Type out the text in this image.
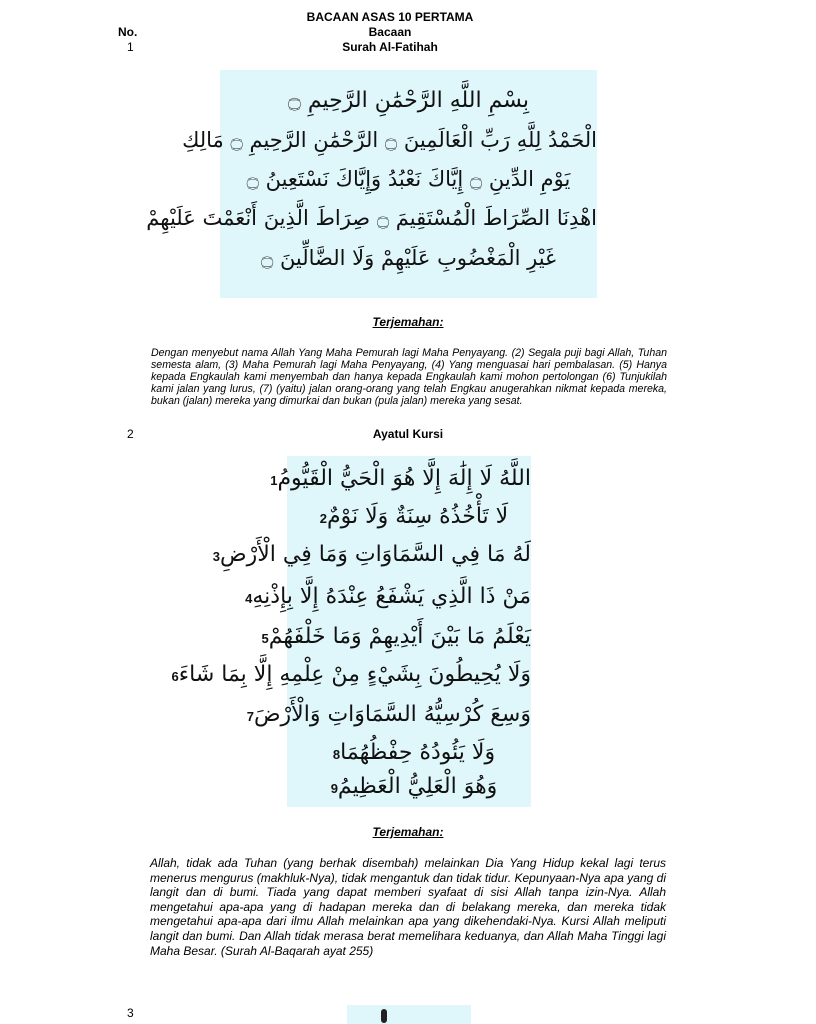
BACAAN ASAS 10 PERTAMA
No.	Bacaan
1	Surah Al-Fatihah
بِسْمِ اللَّهِ الرَّحْمَٰنِ الرَّحِيمِ ۝
الْحَمْدُ لِلَّهِ رَبِّ الْعَالَمِينَ ۝ الرَّحْمَٰنِ الرَّحِيمِ ۝ مَالِكِ
يَوْمِ الدِّينِ ۝ إِيَّاكَ نَعْبُدُ وَإِيَّاكَ نَسْتَعِينُ ۝
اهْدِنَا الصِّرَاطَ الْمُسْتَقِيمَ ۝ صِرَاطَ الَّذِينَ أَنْعَمْتَ عَلَيْهِمْ
غَيْرِ الْمَغْضُوبِ عَلَيْهِمْ وَلَا الضَّالِّينَ ۝
Terjemahan:
Dengan menyebut nama Allah Yang Maha Pemurah lagi Maha Penyayang. (2) Segala puji bagi Allah, Tuhan semesta alam, (3) Maha Pemurah lagi Maha Penyayang, (4) Yang menguasai hari pembalasan. (5) Hanya kepada Engkaulah kami menyembah dan hanya kepada Engkaulah kami mohon pertolongan (6) Tunjukilah kami jalan yang lurus, (7) (yaitu) jalan orang-orang yang telah Engkau anugerahkan nikmat kepada mereka, bukan (jalan) mereka yang dimurkai dan bukan (pula jalan) mereka yang sesat.
2	Ayatul Kursi
اللَّهُ لَا إِلَٰهَ إِلَّا هُوَ الْحَيُّ الْقَيُّومُ1
لَا تَأْخُذُهُ سِنَةٌ وَلَا نَوْمٌ2
لَهُ مَا فِي السَّمَاوَاتِ وَمَا فِي الْأَرْضِ3
مَنْ ذَا الَّذِي يَشْفَعُ عِنْدَهُ إِلَّا بِإِذْنِهِ4
يَعْلَمُ مَا بَيْنَ أَيْدِيهِمْ وَمَا خَلْفَهُمْ5
وَلَا يُحِيطُونَ بِشَيْءٍ مِنْ عِلْمِهِ إِلَّا بِمَا شَاءَ6
وَسِعَ كُرْسِيُّهُ السَّمَاوَاتِ وَالْأَرْضَ7
وَلَا يَئُودُهُ حِفْظُهُمَا8
وَهُوَ الْعَلِيُّ الْعَظِيمُ9
Terjemahan:
Allah, tidak ada Tuhan (yang berhak disembah) melainkan Dia Yang Hidup kekal lagi terus menerus mengurus (makhluk-Nya), tidak mengantuk dan tidak tidur. Kepunyaan-Nya apa yang di langit dan di bumi. Tiada yang dapat memberi syafaat di sisi Allah tanpa izin-Nya. Allah mengetahui apa-apa yang di hadapan mereka dan di belakang mereka, dan mereka tidak mengetahui apa-apa dari ilmu Allah melainkan apa yang dikehendaki-Nya. Kursi Allah meliputi langit dan bumi. Dan Allah tidak merasa berat memelihara keduanya, dan Allah Maha Tinggi lagi Maha Besar. (Surah Al-Baqarah ayat 255)
3
